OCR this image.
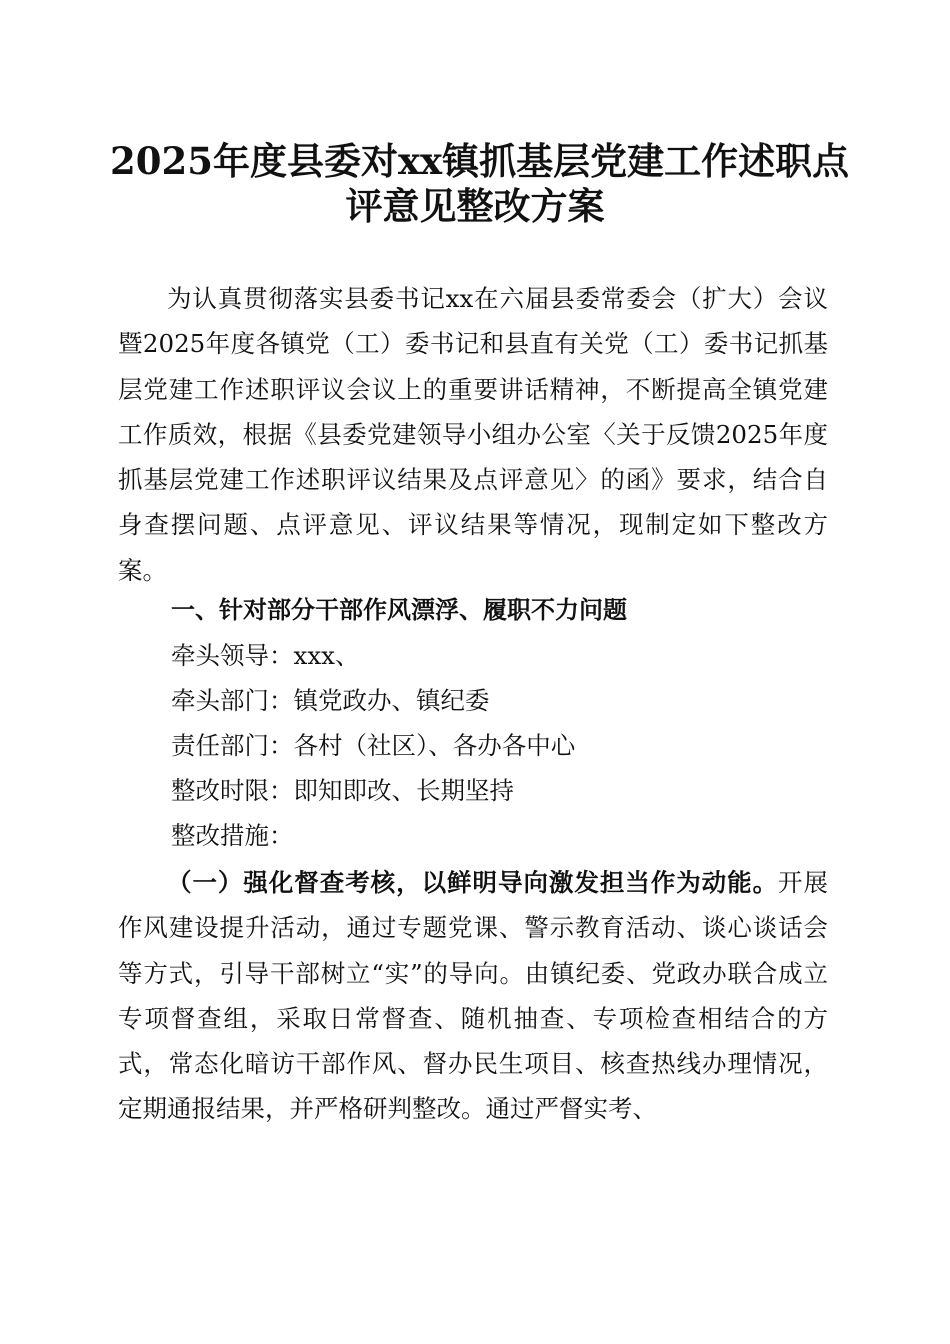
2025年度县委对xx镇抓基层党建工作述职点
评意见整改方案

为认真贯彻落实县委书记xx在六届县委常委会（扩大）会议暨2025年度各镇党（工）委书记和县直有关党（工）委书记抓基层党建工作述职评议会议上的重要讲话精神，不断提高全镇党建工作质效，根据《县委党建领导小组办公室〈关于反馈2025年度抓基层党建工作述职评议结果及点评意见〉的函》要求，结合自身查摆问题、点评意见、评议结果等情况，现制定如下整改方案。

一、针对部分干部作风漂浮、履职不力问题
牵头领导：xxx、
牵头部门：镇党政办、镇纪委
责任部门：各村（社区）、各办各中心
整改时限：即知即改、长期坚持
整改措施：

（一）强化督查考核，以鲜明导向激发担当作为动能。开展作风建设提升活动，通过专题党课、警示教育活动、谈心谈话会等方式，引导干部树立“实”的导向。由镇纪委、党政办联合成立专项督查组，采取日常督查、随机抽查、专项检查相结合的方式，常态化暗访干部作风、督办民生项目、核查热线办理情况，定期通报结果，并严格研判整改。通过严督实考、
